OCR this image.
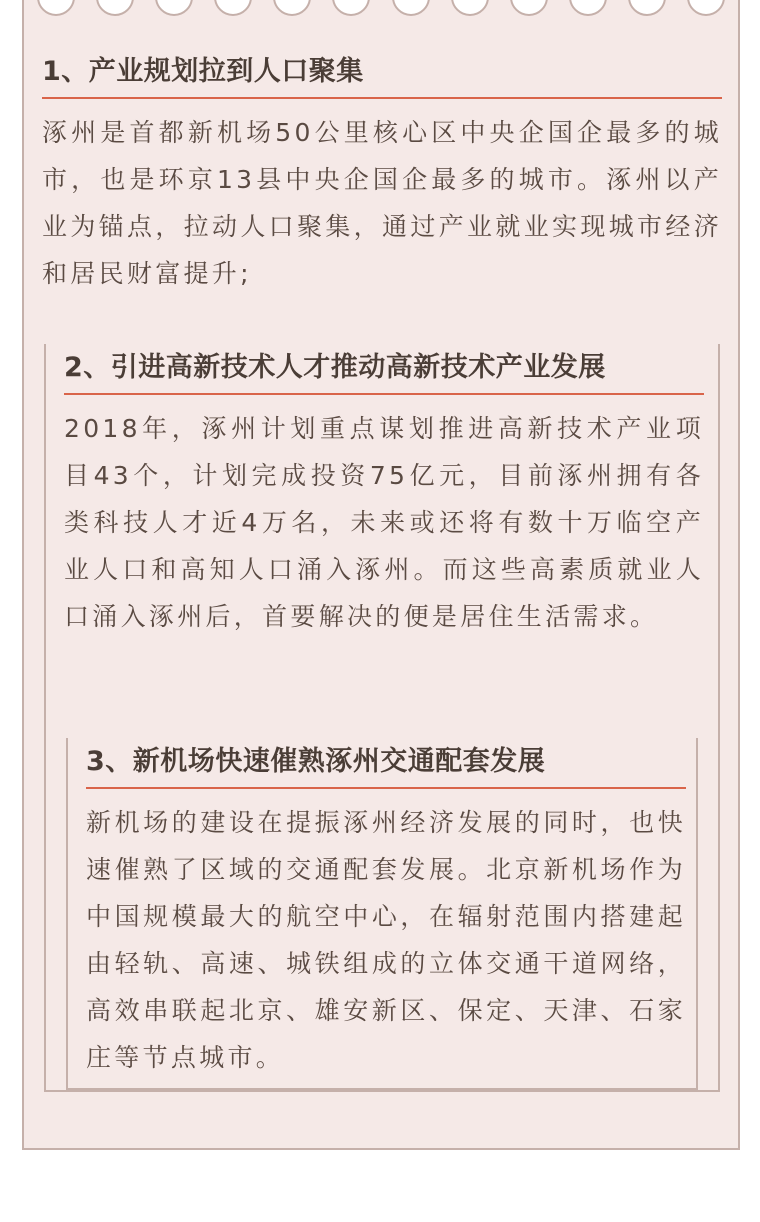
1、产业规划拉到人口聚集

涿州是首都新机场50公里核心区中央企国企最多的城市，也是环京13县中央企国企最多的城市。涿州以产业为锚点，拉动人口聚集，通过产业就业实现城市经济和居民财富提升;

2、引进高新技术人才推动高新技术产业发展

2018年，涿州计划重点谋划推进高新技术产业项目43个，计划完成投资75亿元，目前涿州拥有各类科技人才近4万名，未来或还将有数十万临空产业人口和高知人口涌入涿州。而这些高素质就业人口涌入涿州后，首要解决的便是居住生活需求。

3、新机场快速催熟涿州交通配套发展

新机场的建设在提振涿州经济发展的同时，也快速催熟了区域的交通配套发展。北京新机场作为中国规模最大的航空中心，在辐射范围内搭建起由轻轨、高速、城铁组成的立体交通干道网络，高效串联起北京、雄安新区、保定、天津、石家庄等节点城市。
